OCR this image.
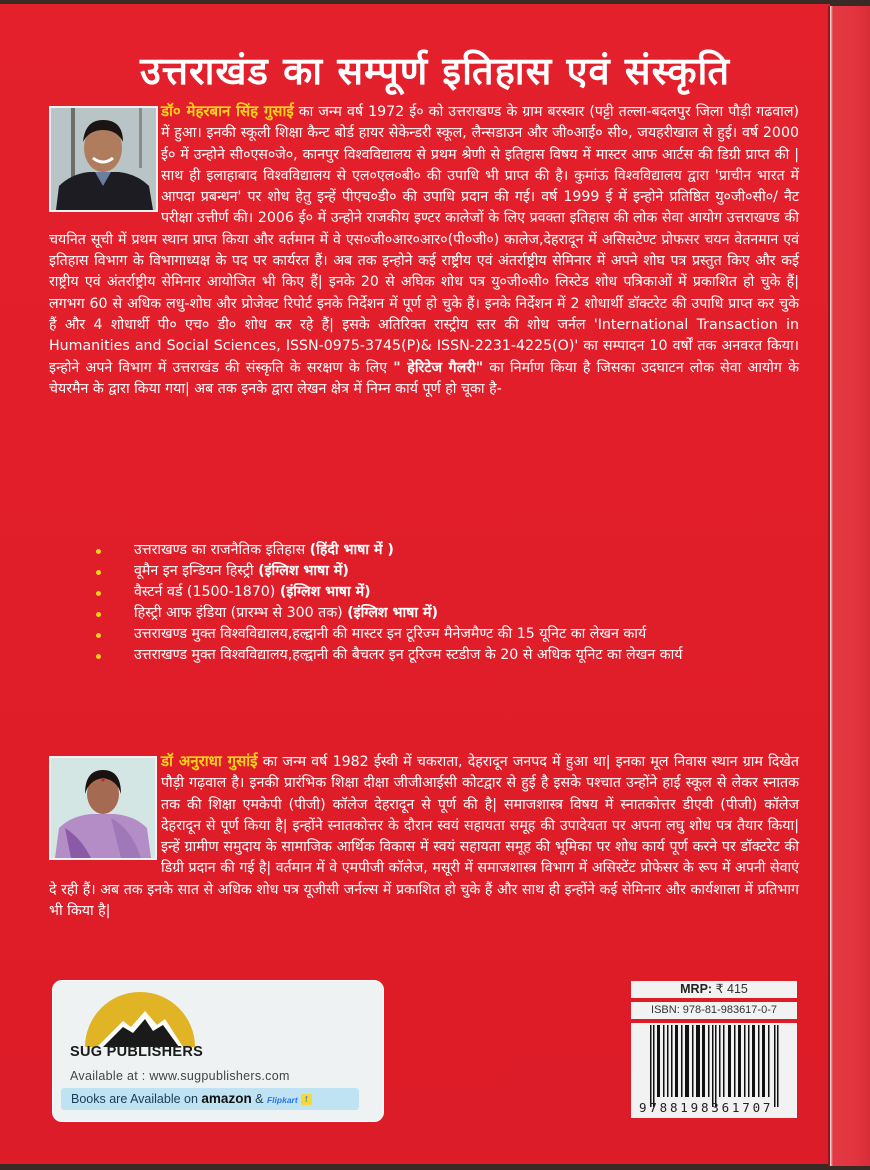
उत्तराखंड का सम्पूर्ण इतिहास एवं संस्कृति
डॉ० मेहरबान सिंह गुसाई का जन्म वर्ष 1972 ई० को उत्तराखण्ड के ग्राम बरस्वार (पट्टी तल्ला-बदलपुर जिला पौड़ी गढवाल) में हुआ। इनकी स्कूली शिक्षा कैन्ट बोर्ड हायर सेकेन्डरी स्कूल, लैन्सडाउन और जी०आई० सी०, जयहरीखाल से हुई। वर्ष 2000 ई० में उन्होने सी०एस०जे०, कानपुर विश्वविद्यालय से प्रथम श्रेणी से इतिहास विषय में मास्टर आफ आर्टस की डिग्री प्राप्त की |साथ ही इलाहाबाद विश्वविद्यालय से एल०एल०बी० की उपाधि भी प्राप्त की है। कुमांऊ विश्वविद्यालय द्वारा 'प्राचीन भारत में आपदा प्रबन्धन' पर शोध हेतु इन्हें पीएच०डी० की उपाधि प्रदान की गई। वर्ष 1999 ई में इन्होने प्रतिष्ठित यु०जी०सी०/ नैट परीक्षा उत्तीर्ण की। 2006 ई० में उन्होने राजकीय इण्टर कालेजों के लिए प्रवक्ता इतिहास की लोक सेवा आयोग उत्तराखण्ड की चयनित सूची में प्रथम स्थान प्राप्त किया और वर्तमान में वे एस०जी०आर०आर०(पी०जी०) कालेज,देहरादून में असिसटेण्ट प्रोफसर चयन वेतनमान एवं इतिहास विभाग के विभागाध्यक्ष के पद पर कार्यरत हैं। अब तक इन्होने कई राष्ट्रीय एवं अंतर्राष्ट्रीय सेमिनार में अपने शोघ पत्र प्रस्तुत किए और कई राष्ट्रीय एवं अंतर्राष्ट्रीय सेमिनार आयोजित भी किए हैं| इनके 20 से अघिक शोध पत्र यु०जी०सी० लिस्टेड शोध पत्रिकाओं में प्रकाशित हो चुके हैं| लगभग 60 से अधिक लधु-शोघ और प्रोजेक्ट रिपोर्ट इनके निर्देशन में पूर्ण हो चुके हैं। इनके निर्देशन में 2 शोधार्थी डॉक्टरेट की उपाधि प्राप्त कर चुके हैं और 4 शोधार्थी पी० एच० डी० शोध कर रहे हैं| इसके अतिरिक्त रास्ट्रीय स्तर की शोध जर्नल 'International Transaction in Humanities and Social Sciences, ISSN-0975-3745(P)& ISSN-2231-4225(O)' का सम्पादन 10 वर्षों तक अनवरत किया। इन्होने अपने विभाग में उत्तराखंड की संस्कृति के सरक्षण के लिए " हेरिटेज गैलरी" का निर्माण किया है जिसका उदघाटन लोक सेवा आयोग के चेयरमैन के द्वारा किया गया| अब तक इनके द्वारा लेखन क्षेत्र में निम्न कार्य पूर्ण हो चूका है-
उत्तराखण्ड का राजनैतिक इतिहास (हिंदी भाषा में )
वूमैन इन इन्डियन हिस्ट्री (इंग्लिश भाषा में)
वैस्टर्न वर्ड (1500-1870) (इंग्लिश भाषा में)
हिस्ट्री आफ इंडिया (प्रारम्भ से 300 तक) (इंग्लिश भाषा में)
उत्तराखण्ड मुक्त विश्वविद्यालय,हल्द्वानी की मास्टर इन टूरिज्म मैनेजमैण्ट की 15 यूनिट का लेखन कार्य
उत्तराखण्ड मुक्त विश्वविद्यालय,हल्द्वानी की बैचलर इन टूरिज्म स्टडीज के 20 से अधिक यूनिट का लेखन कार्य
डॉ अनुराधा गुसांई का जन्म वर्ष 1982 ईस्वी में चकराता, देहरादून जनपद में हुआ था| इनका मूल निवास स्थान ग्राम दिखेत पौड़ी गढ़वाल है। इनकी प्रारंभिक शिक्षा दीक्षा जीजीआईसी कोटद्वार से हुई है इसके पश्चात उन्होंने हाई स्कूल से लेकर स्नातक तक की शिक्षा एमकेपी (पीजी) कॉलेज देहरादून से पूर्ण की है| समाजशास्त्र विषय में स्नातकोत्तर डीएवी (पीजी) कॉलेज देहरादून से पूर्ण किया है| इन्होंने स्नातकोत्तर के दौरान स्वयं सहायता समूह की उपादेयता पर अपना लघु शोध पत्र तैयार किया| इन्हें ग्रामीण समुदाय के सामाजिक आर्थिक विकास में स्वयं सहायता समूह की भूमिका पर शोध कार्य पूर्ण करने पर डॉक्टरेट की डिग्री प्रदान की गई है| वर्तमान में वे एमपीजी कॉलेज, मसूरी में समाजशास्त्र विभाग में असिस्टेंट प्रोफेसर के रूप में अपनी सेवाएं दे रही हैं। अब तक इनके सात से अधिक शोध पत्र यूजीसी जर्नल्स में प्रकाशित हो चुके हैं और साथ ही इन्होंने कई सेमिनार और कार्यशाला में प्रतिभाग भी किया है|
SUG PUBLISHERS
Available at : www.sugpublishers.com
Books are Available on amazon & Flipkart f
MRP: ₹ 415
ISBN: 978-81-983617-0-7
9788198361707
